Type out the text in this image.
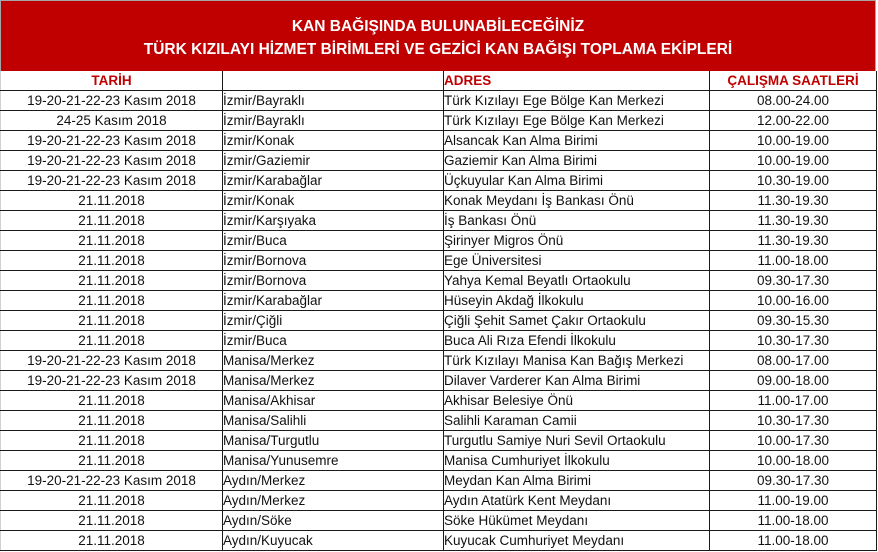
KAN BAĞIŞINDA BULUNABİLECEĞİNİZ
TÜRK KIZILAYI HİZMET BİRİMLERİ VE GEZİCİ KAN BAĞIŞI TOPLAMA EKİPLERİ
TARİH		ADRES	ÇALIŞMA SAATLERİ
19-20-21-22-23 Kasım 2018	İzmir/Bayraklı	Türk Kızılayı Ege Bölge Kan Merkezi	08.00-24.00
24-25 Kasım 2018	İzmir/Bayraklı	Türk Kızılayı Ege Bölge Kan Merkezi	12.00-22.00
19-20-21-22-23 Kasım 2018	İzmir/Konak	Alsancak Kan Alma Birimi	10.00-19.00
19-20-21-22-23 Kasım 2018	İzmir/Gaziemir	Gaziemir Kan Alma Birimi	10.00-19.00
19-20-21-22-23 Kasım 2018	İzmir/Karabağlar	Üçkuyular Kan Alma Birimi	10.30-19.00
21.11.2018	İzmir/Konak	Konak Meydanı İş Bankası Önü	11.30-19.30
21.11.2018	İzmir/Karşıyaka	İş Bankası Önü	11.30-19.30
21.11.2018	İzmir/Buca	Şirinyer Migros Önü	11.30-19.30
21.11.2018	İzmir/Bornova	Ege Üniversitesi	11.00-18.00
21.11.2018	İzmir/Bornova	Yahya Kemal Beyatlı Ortaokulu	09.30-17.30
21.11.2018	İzmir/Karabağlar	Hüseyin Akdağ İlkokulu	10.00-16.00
21.11.2018	İzmir/Çiğli	Çiğli Şehit Samet Çakır Ortaokulu	09.30-15.30
21.11.2018	İzmir/Buca	Buca Ali Rıza Efendi İlkokulu	10.30-17.30
19-20-21-22-23 Kasım 2018	Manisa/Merkez	Türk Kızılayı Manisa Kan Bağış Merkezi	08.00-17.00
19-20-21-22-23 Kasım 2018	Manisa/Merkez	Dilaver Varderer Kan Alma Birimi	09.00-18.00
21.11.2018	Manisa/Akhisar	Akhisar Belesiye Önü	11.00-17.00
21.11.2018	Manisa/Salihli	Salihli Karaman Camii	10.30-17.30
21.11.2018	Manisa/Turgutlu	Turgutlu Samiye Nuri Sevil Ortaokulu	10.00-17.30
21.11.2018	Manisa/Yunusemre	Manisa Cumhuriyet İlkokulu	10.00-18.00
19-20-21-22-23 Kasım 2018	Aydın/Merkez	Meydan Kan Alma Birimi	09.30-17.30
21.11.2018	Aydın/Merkez	Aydın Atatürk Kent Meydanı	11.00-19.00
21.11.2018	Aydın/Söke	Söke Hükümet Meydanı	11.00-18.00
21.11.2018	Aydın/Kuyucak	Kuyucak Cumhuriyet Meydanı	11.00-18.00
